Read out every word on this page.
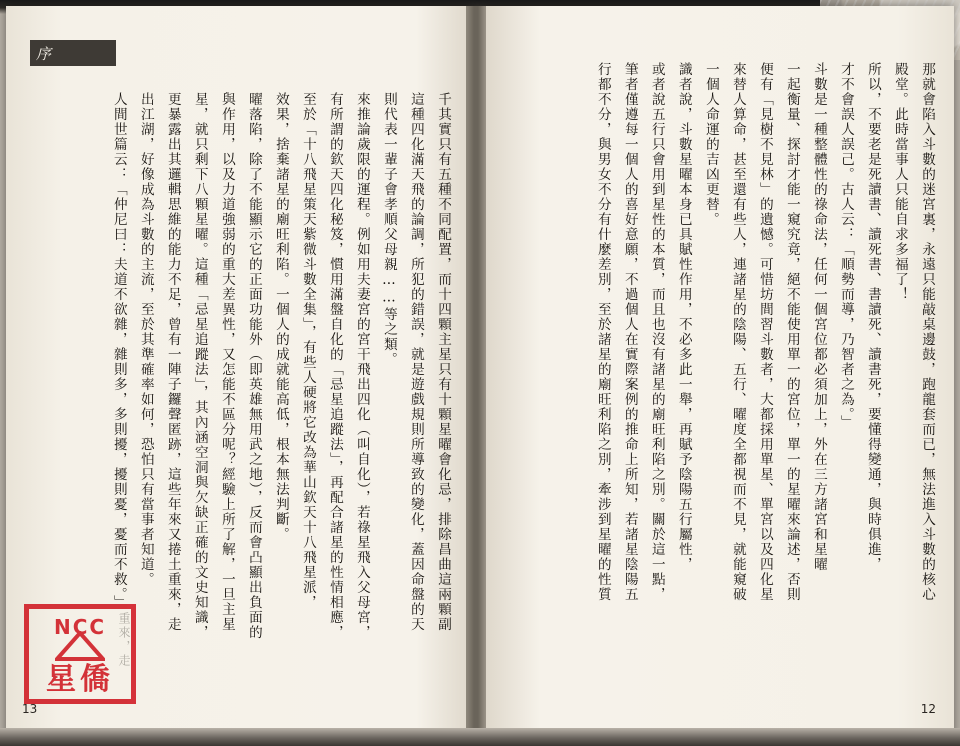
那就會陷入斗數的迷宮裏，永遠只能敲桌邊鼓，跑龍套而已，無法進入斗數的核心
殿堂。此時當事人只能自求多福了！
所以，不要老是死讀書、讀死書、書讀死、讀書死，要懂得變通，與時俱進，
才不會誤人誤己。古人云：「順勢而導，乃智者之為。」
斗數是一種整體性的祿命法，任何一個宮位都必須加上，外在三方諸宮和星曜
一起衡量、探討才能一窺究竟，絕不能使用單一的宮位，單一的星曜來論述，否則
便有「見樹不見林」的遺憾。可惜坊間習斗數者，大都採用單星、單宮以及四化星
來替人算命，甚至還有些人，連諸星的陰陽、五行、曜度全都視而不見，就能窺破
一個人命運的吉凶更替。
識者說，斗數星曜本身已具賦性作用，不必多此一舉，再賦予陰陽五行屬性，
或者說五行只會用到星性的本質，而且也沒有諸星的廟旺利陷之別。關於這一點，
筆者僅遵每一個人的喜好意願，不過個人在實際案例的推命上所知，若諸星陰陽五
行都不分，與男女不分有什麼差別，至於諸星的廟旺利陷之別，牽涉到星曜的性質
12
序
千其實只有五種不同配置，而十四顆主星只有十顆星曜會化忌，排除昌曲這兩顆副
這種四化滿天飛的論調，所犯的錯誤，就是遊戲規則所導致的變化，蓋因命盤的天
則代表一輩子會孝順父母親……等之類。
來推論歲限的運程。例如用夫妻宮的宮干飛出四化（叫自化），若祿星飛入父母宮，
有所謂的欽天四化秘笈，慣用滿盤自化的「忌星追蹤法」，再配合諸星的性情相應，
至於「十八飛星策天紫微斗數全集」，有些人硬將它改為華山欽天十八飛星派，
效果，捨棄諸星的廟旺利陷。一個人的成就能高低，根本無法判斷。
曜落陷，除了不能顯示它的正面功能外（即英雄無用武之地），反而會凸顯出負面的
與作用，以及力道強弱的重大差異性，又怎能不區分呢？經驗上所了解，一旦主星
星，就只剩下八顆星曜。這種「忌星追蹤法」，其內涵空洞與欠缺正確的文史知識，
更暴露出其邏輯思維的能力不足，曾有一陣子鑼聲匿跡，這些年來又捲土重來，走
出江湖，好像成為斗數的主流，至於其準確率如何，恐怕只有當事者知道。
人間世篇云：「仲尼曰：夫道不欲雜，雜則多，多則擾，擾則憂，憂而不救。」
重來，走
NCC
星僑
13
